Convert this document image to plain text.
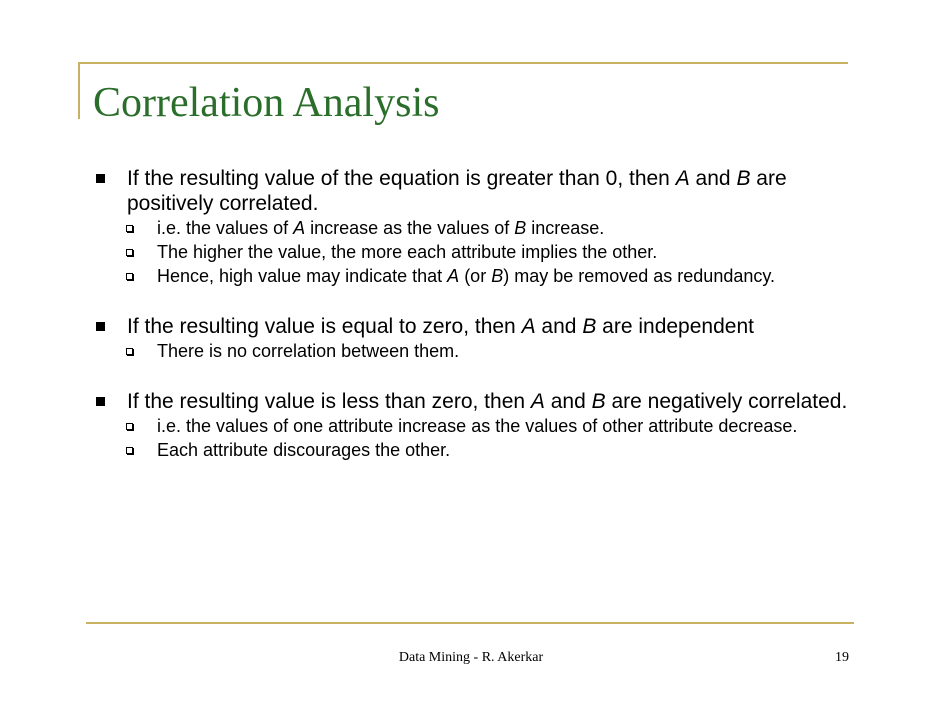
Correlation Analysis
If the resulting value of the equation is greater than 0, then A and B are positively correlated.
i.e. the values of A increase as the values of B increase.
The higher the value, the more each attribute implies the other.
Hence, high value may indicate that A (or B) may be removed as redundancy.
If the resulting value is equal to zero, then A and B are independent
There is no correlation between them.
If the resulting value is less than zero, then A and B are negatively correlated.
i.e. the values of one attribute increase as the values of other attribute decrease.
Each attribute discourages the other.
Data Mining - R. Akerkar	19
